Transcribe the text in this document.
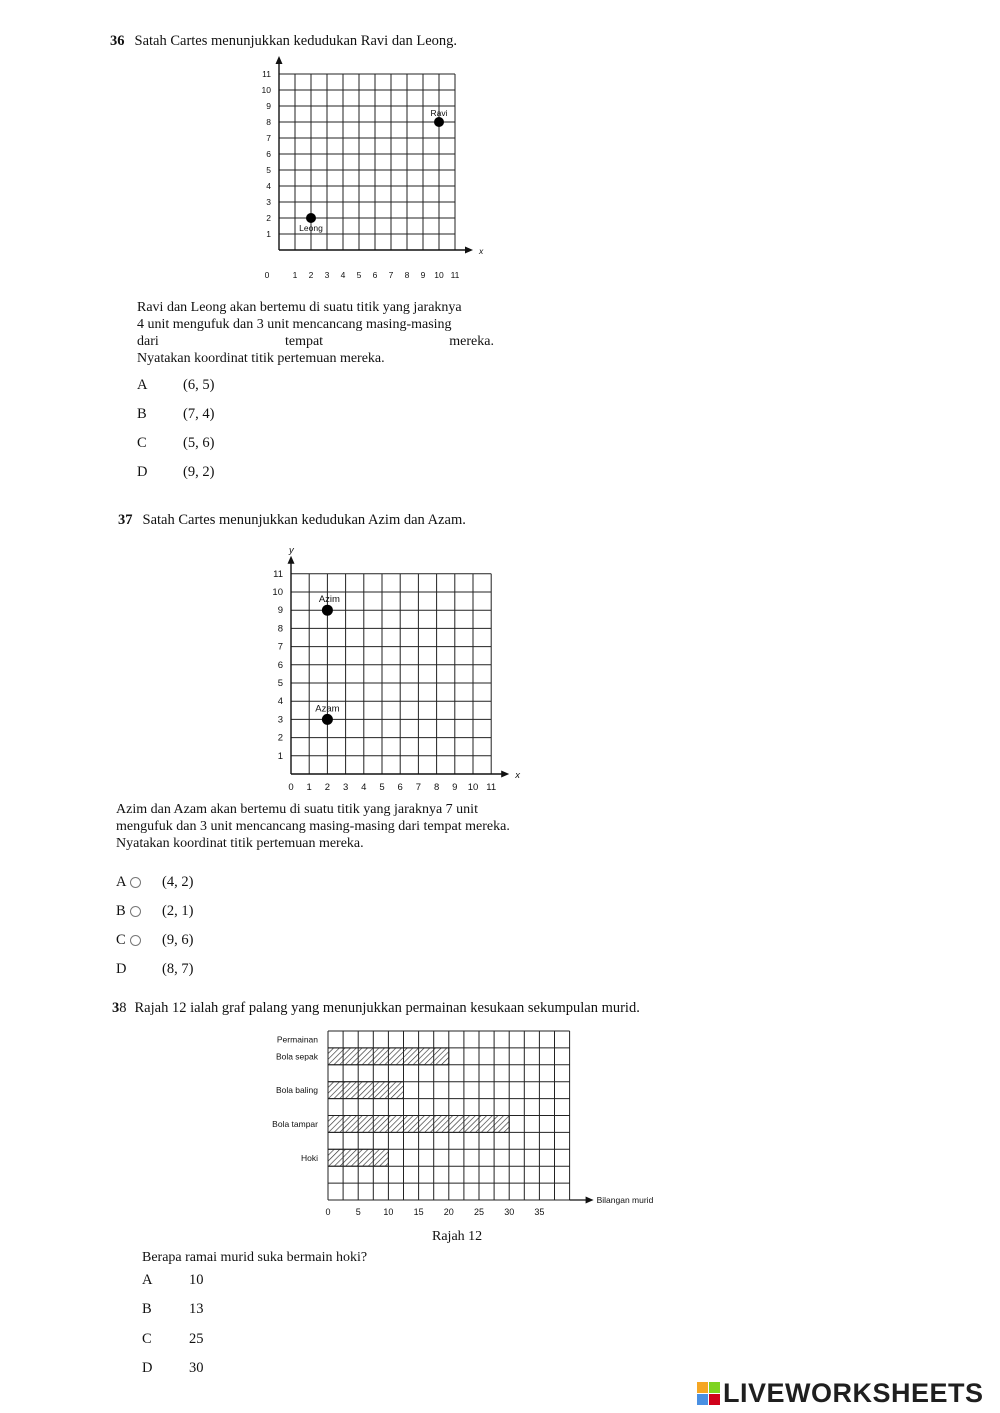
36 Satah Cartes menunjukkan kedudukan Ravi dan Leong.
x
0	1 2 3 4 5 6 7 8 9 10 11
1
2
3
4
5
6
7
8
9
10
11
Ravi
Leong
Ravi dan Leong akan bertemu di suatu titik yang jaraknya
4 unit mengufuk dan 3 unit mencancang masing-masing
dari	tempat	mereka.
Nyatakan koordinat titik pertemuan mereka.
A (6, 5)
B	(7, 4)
C	(5, 6)
D (9, 2)
37 Satah Cartes menunjukkan kedudukan Azim dan Azam.
x
y
0 1 2 3 4 5 6 7 8 9 10 11
1
2
3
4
5
6
7
8
9
10
11
Azim
Azam
Azim dan Azam akan bertemu di suatu titik yang jaraknya 7 unit
mengufuk dan 3 unit mencancang masing-masing dari tempat mereka.
Nyatakan koordinat titik pertemuan mereka.
A (4, 2)
B	(2, 1)
C	(9, 6)
D (8, 7)
38 Rajah 12 ialah graf palang yang menunjukkan permainan kesukaan sekumpulan murid.
Bilangan murid
0	5	10 15 20 25 30 35
Permainan
Hoki
Bola tampar
Bola baling
Bola sepak
Rajah 12
Berapa ramai murid suka bermain hoki?
A	10
B	13
C	25
D	30
LIVEWORKSHEETS
